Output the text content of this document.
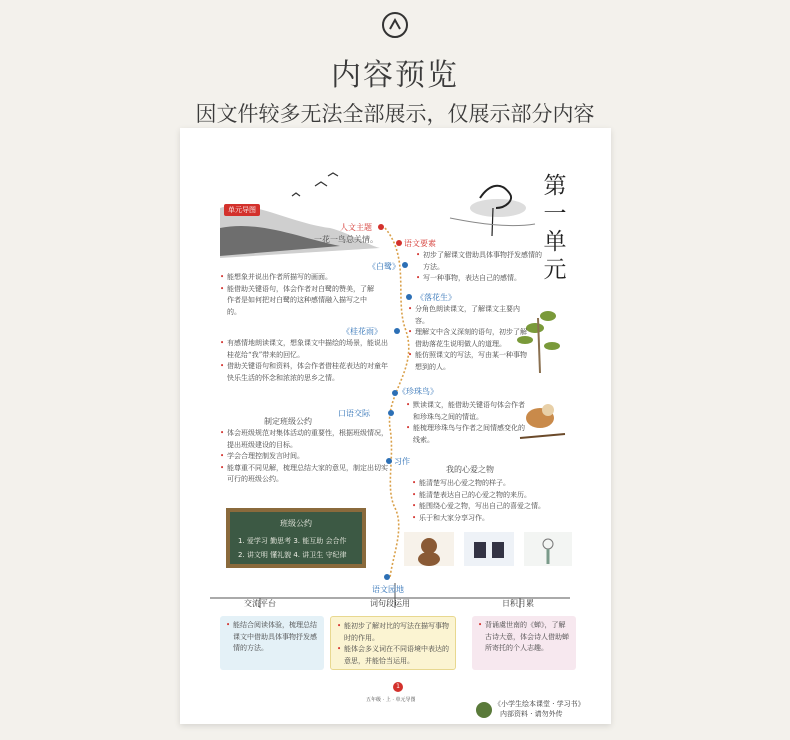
内容预览
因文件较多无法全部展示，仅展示部分内容
第一单元
单元导图
人文主题
一花一鸟总关情。	语文要素
• 初步了解课文借助具体事物抒发感情的方法。
• 写一种事物，表达自己的感情。
《白鹭》
• 能想象并说出作者所描写的画面。
• 能借助关键语句，体会作者对白鹭的赞美，了解作者是如何把对白鹭的这种感情融入描写之中的。
《落花生》
• 分角色朗读课文，了解课文主要内容。
• 理解文中含义深刻的语句，初步了解借助落花生说明做人的道理。
• 能仿照课文的写法，写由某一种事物想到的人。
《桂花雨》
• 有感情地朗读课文，想象课文中描绘的场景，能说出桂花给“我”带来的回忆。
• 借助关键语句和资料，体会作者借桂花表达的对童年快乐生活的怀念和浓浓的思乡之情。
《珍珠鸟》
• 默读课文，能借助关键语句体会作者和珍珠鸟之间的情谊。
• 能梳理珍珠鸟与作者之间情感变化的线索。
口语交际
制定班级公约
• 体会班级规范对集体活动的重要性，根据班级情况，提出班级建设的目标。
• 学会合理控制发言时间。
• 能尊重不同见解，梳理总结大家的意见，制定出切实可行的班级公约。
班级公约
1. 爱学习 勤思考 3. 能互助 会合作
2. 讲文明 懂礼貌 4. 讲卫生 守纪律
习作
我的心爱之物
• 能清楚写出心爱之物的样子。
• 能清楚表达自己的心爱之物的来历。
• 能围绕心爱之物，写出自己的喜爱之情。
• 乐于和大家分享习作。
语文园地
交流平台	词句段运用	日积月累
• 能结合阅读体验，梳理总结课文中借助具体事物抒发感情的方法。
• 能初步了解对比的写法在描写事物时的作用。
• 能体会多义词在不同语境中表达的意思，并能恰当运用。
• 背诵虞世南的《蝉》，了解古诗大意，体会诗人借助蝉所寄托的个人志趣。
1
五年级 · 上 · 单元导图	《小学生绘本课堂 · 学习书》
内部资料 · 请勿外传
